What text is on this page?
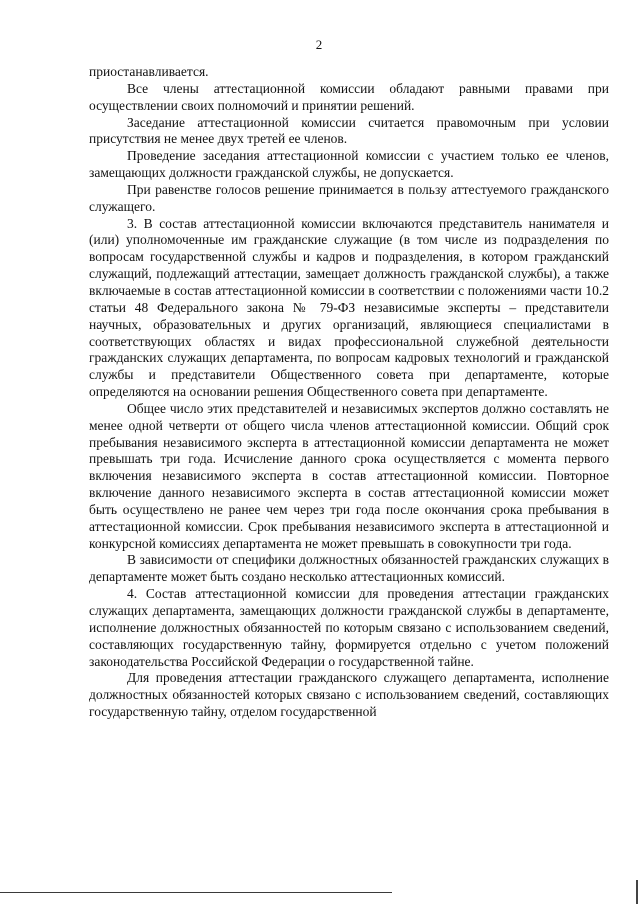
2

приостанавливается.

Все члены аттестационной комиссии обладают равными правами при осуществлении своих полномочий и принятии решений.

Заседание аттестационной комиссии считается правомочным при условии присутствия не менее двух третей ее членов.

Проведение заседания аттестационной комиссии с участием только ее членов, замещающих должности гражданской службы, не допускается.

При равенстве голосов решение принимается в пользу аттестуемого гражданского служащего.

3. В состав аттестационной комиссии включаются представитель нанимателя и (или) уполномоченные им гражданские служащие (в том числе из подразделения по вопросам государственной службы и кадров и подразделения, в котором гражданский служащий, подлежащий аттестации, замещает должность гражданской службы), а также включаемые в состав аттестационной комиссии в соответствии с положениями части 10.2 статьи 48 Федерального закона № 79-ФЗ независимые эксперты – представители научных, образовательных и других организаций, являющиеся специалистами в соответствующих областях и видах профессиональной служебной деятельности гражданских служащих департамента, по вопросам кадровых технологий и гражданской службы и представители Общественного совета при департаменте, которые определяются на основании решения Общественного совета при департаменте.

Общее число этих представителей и независимых экспертов должно составлять не менее одной четверти от общего числа членов аттестационной комиссии. Общий срок пребывания независимого эксперта в аттестационной комиссии департамента не может превышать три года. Исчисление данного срока осуществляется с момента первого включения независимого эксперта в состав аттестационной комиссии. Повторное включение данного независимого эксперта в состав аттестационной комиссии может быть осуществлено не ранее чем через три года после окончания срока пребывания в аттестационной комиссии. Срок пребывания независимого эксперта в аттестационной и конкурсной комиссиях департамента не может превышать в совокупности три года.

В зависимости от специфики должностных обязанностей гражданских служащих в департаменте может быть создано несколько аттестационных комиссий.

4. Состав аттестационной комиссии для проведения аттестации гражданских служащих департамента, замещающих должности гражданской службы в департаменте, исполнение должностных обязанностей по которым связано с использованием сведений, составляющих государственную тайну, формируется отдельно с учетом положений законодательства Российской Федерации о государственной тайне.

Для проведения аттестации гражданского служащего департамента, исполнение должностных обязанностей которых связано с использованием сведений, составляющих государственную тайну, отделом государственной
